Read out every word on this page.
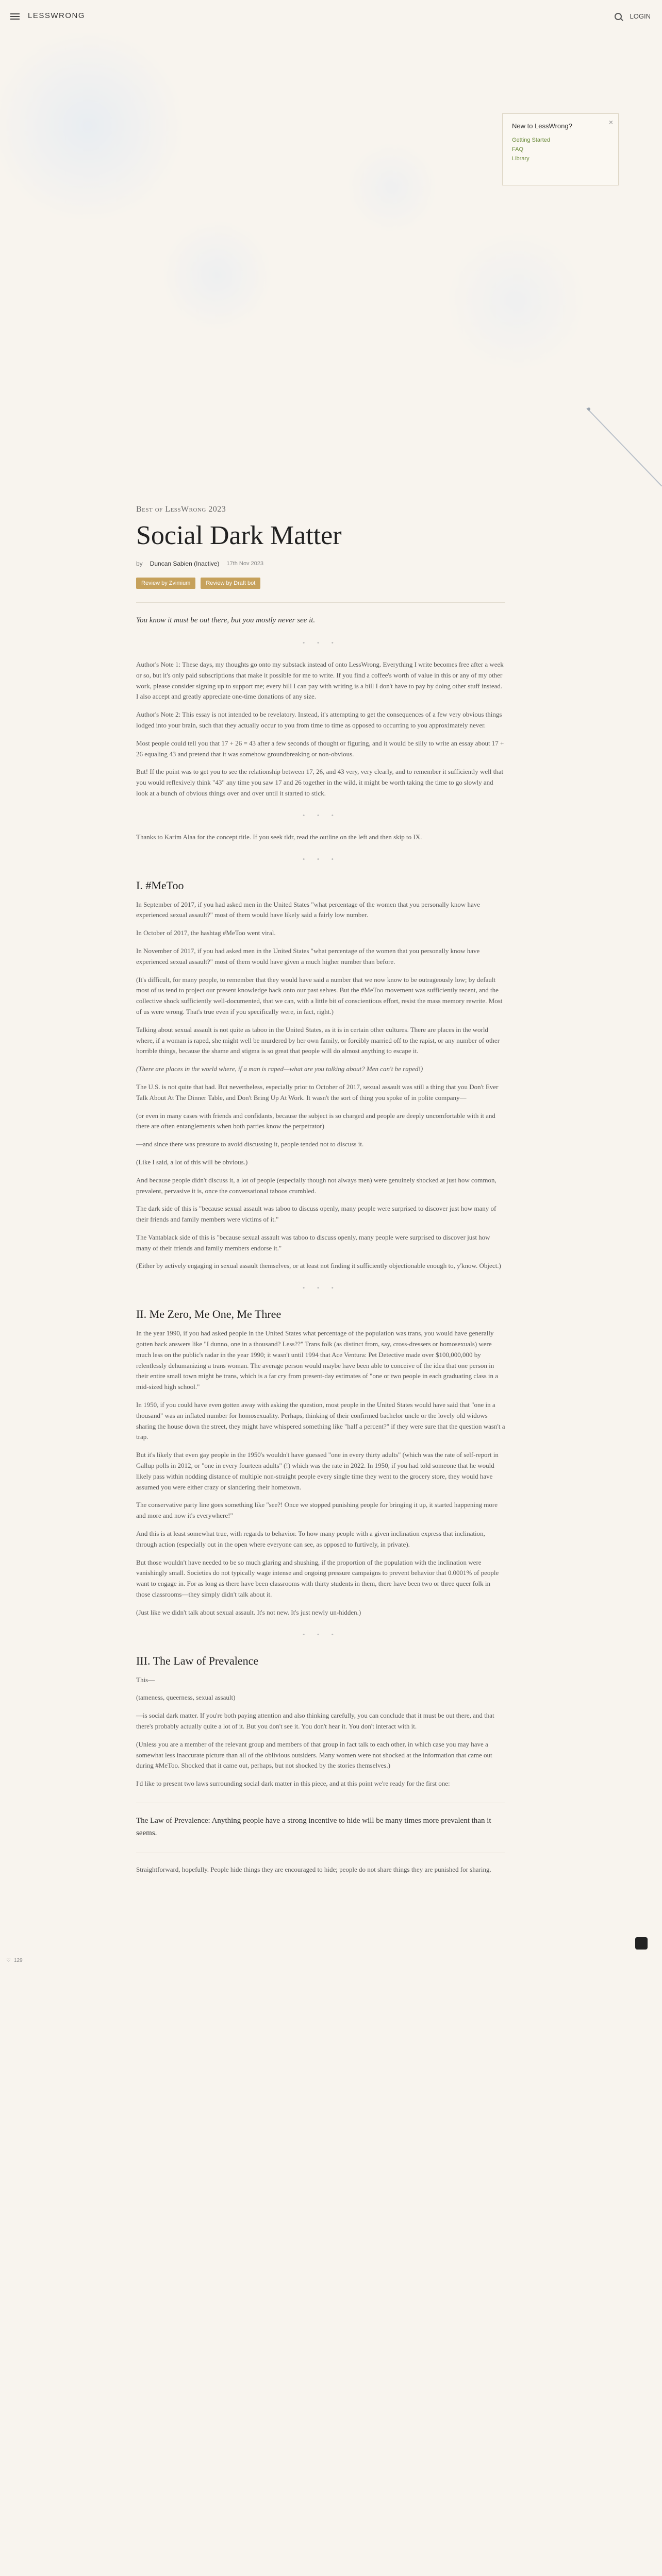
LESSWRONG	LOGIN
×
New to LessWrong?
Getting Started
FAQ
Library
♡ 129
Best of LessWrong 2023
Social Dark Matter
by Duncan Sabien (Inactive) 17th Nov 2023
Review by Zvimium	Review by Draft bot

You know it must be out there, but you mostly never see it.

• • •

Author's Note 1: These days, my thoughts go onto my substack instead of onto LessWrong. Everything I write becomes free after a week or so, but it's only paid subscriptions that make it possible for me to write. If you find a coffee's worth of value in this or any of my other work, please consider signing up to support me; every bill I can pay with writing is a bill I don't have to pay by doing other stuff instead. I also accept and greatly appreciate one-time donations of any size.

Author's Note 2: This essay is not intended to be revelatory. Instead, it's attempting to get the consequences of a few very obvious things lodged into your brain, such that they actually occur to you from time to time as opposed to occurring to you approximately never.

Most people could tell you that 17 + 26 = 43 after a few seconds of thought or figuring, and it would be silly to write an essay about 17 + 26 equaling 43 and pretend that it was somehow groundbreaking or non-obvious.

But! If the point was to get you to see the relationship between 17, 26, and 43 very, very clearly, and to remember it sufficiently well that you would reflexively think "43" any time you saw 17 and 26 together in the wild, it might be worth taking the time to go slowly and look at a bunch of obvious things over and over until it started to stick.

• • •

Thanks to Karim Alaa for the concept title. If you seek tldr, read the outline on the left and then skip to IX.

• • •
I. #MeToo

In September of 2017, if you had asked men in the United States "what percentage of the women that you personally know have experienced sexual assault?" most of them would have likely said a fairly low number.

In October of 2017, the hashtag #MeToo went viral.

In November of 2017, if you had asked men in the United States "what percentage of the women that you personally know have experienced sexual assault?" most of them would have given a much higher number than before.

(It's difficult, for many people, to remember that they would have said a number that we now know to be outrageously low; by default most of us tend to project our present knowledge back onto our past selves. But the #MeToo movement was sufficiently recent, and the collective shock sufficiently well-documented, that we can, with a little bit of conscientious effort, resist the mass memory rewrite. Most of us were wrong. That's true even if you specifically were, in fact, right.)

Talking about sexual assault is not quite as taboo in the United States, as it is in certain other cultures. There are places in the world where, if a woman is raped, she might well be murdered by her own family, or forcibly married off to the rapist, or any number of other horrible things, because the shame and stigma is so great that people will do almost anything to escape it.

(There are places in the world where, if a man is raped—what are you talking about? Men can't be raped!)

The U.S. is not quite that bad. But nevertheless, especially prior to October of 2017, sexual assault was still a thing that you Don't Ever Talk About At The Dinner Table, and Don't Bring Up At Work. It wasn't the sort of thing you spoke of in polite company—

(or even in many cases with friends and confidants, because the subject is so charged and people are deeply uncomfortable with it and there are often entanglements when both parties know the perpetrator)

—and since there was pressure to avoid discussing it, people tended not to discuss it.

(Like I said, a lot of this will be obvious.)

And because people didn't discuss it, a lot of people (especially though not always men) were genuinely shocked at just how common, prevalent, pervasive it is, once the conversational taboos crumbled.

The dark side of this is "because sexual assault was taboo to discuss openly, many people were surprised to discover just how many of their friends and family members were victims of it."

The Vantablack side of this is "because sexual assault was taboo to discuss openly, many people were surprised to discover just how many of their friends and family members endorse it."

(Either by actively engaging in sexual assault themselves, or at least not finding it sufficiently objectionable enough to, y'know. Object.)

• • •
II. Me Zero, Me One, Me Three

In the year 1990, if you had asked people in the United States what percentage of the population was trans, you would have generally gotten back answers like "I dunno, one in a thousand? Less??" Trans folk (as distinct from, say, cross-dressers or homosexuals) were much less on the public's radar in the year 1990; it wasn't until 1994 that Ace Ventura: Pet Detective made over $100,000,000 by relentlessly dehumanizing a trans woman. The average person would maybe have been able to conceive of the idea that one person in their entire small town might be trans, which is a far cry from present-day estimates of "one or two people in each graduating class in a mid-sized high school."

In 1950, if you could have even gotten away with asking the question, most people in the United States would have said that "one in a thousand" was an inflated number for homosexuality. Perhaps, thinking of their confirmed bachelor uncle or the lovely old widows sharing the house down the street, they might have whispered something like "half a percent?" if they were sure that the question wasn't a trap.

But it's likely that even gay people in the 1950's wouldn't have guessed "one in every thirty adults" (which was the rate of self-report in Gallup polls in 2012, or "one in every fourteen adults" (!) which was the rate in 2022. In 1950, if you had told someone that he would likely pass within nodding distance of multiple non-straight people every single time they went to the grocery store, they would have assumed you were either crazy or slandering their hometown.

The conservative party line goes something like "see?! Once we stopped punishing people for bringing it up, it started happening more and more and now it's everywhere!"

And this is at least somewhat true, with regards to behavior. To how many people with a given inclination express that inclination, through action (especially out in the open where everyone can see, as opposed to furtively, in private).

But those wouldn't have needed to be so much glaring and shushing, if the proportion of the population with the inclination were vanishingly small. Societies do not typically wage intense and ongoing pressure campaigns to prevent behavior that 0.0001% of people want to engage in. For as long as there have been classrooms with thirty students in them, there have been two or three queer folk in those classrooms—they simply didn't talk about it.

(Just like we didn't talk about sexual assault. It's not new. It's just newly un-hidden.)

• • •
III. The Law of Prevalence

This—

(tameness, queerness, sexual assault)

—is social dark matter. If you're both paying attention and also thinking carefully, you can conclude that it must be out there, and that there's probably actually quite a lot of it. But you don't see it. You don't hear it. You don't interact with it.

(Unless you are a member of the relevant group and members of that group in fact talk to each other, in which case you may have a somewhat less inaccurate picture than all of the oblivious outsiders. Many women were not shocked at the information that came out during #MeToo. Shocked that it came out, perhaps, but not shocked by the stories themselves.)

I'd like to present two laws surrounding social dark matter in this piece, and at this point we're ready for the first one:

The Law of Prevalence: Anything people have a strong incentive to hide will be many times more prevalent than it seems.

Straightforward, hopefully. People hide things they are encouraged to hide; people do not share things they are punished for sharing.
